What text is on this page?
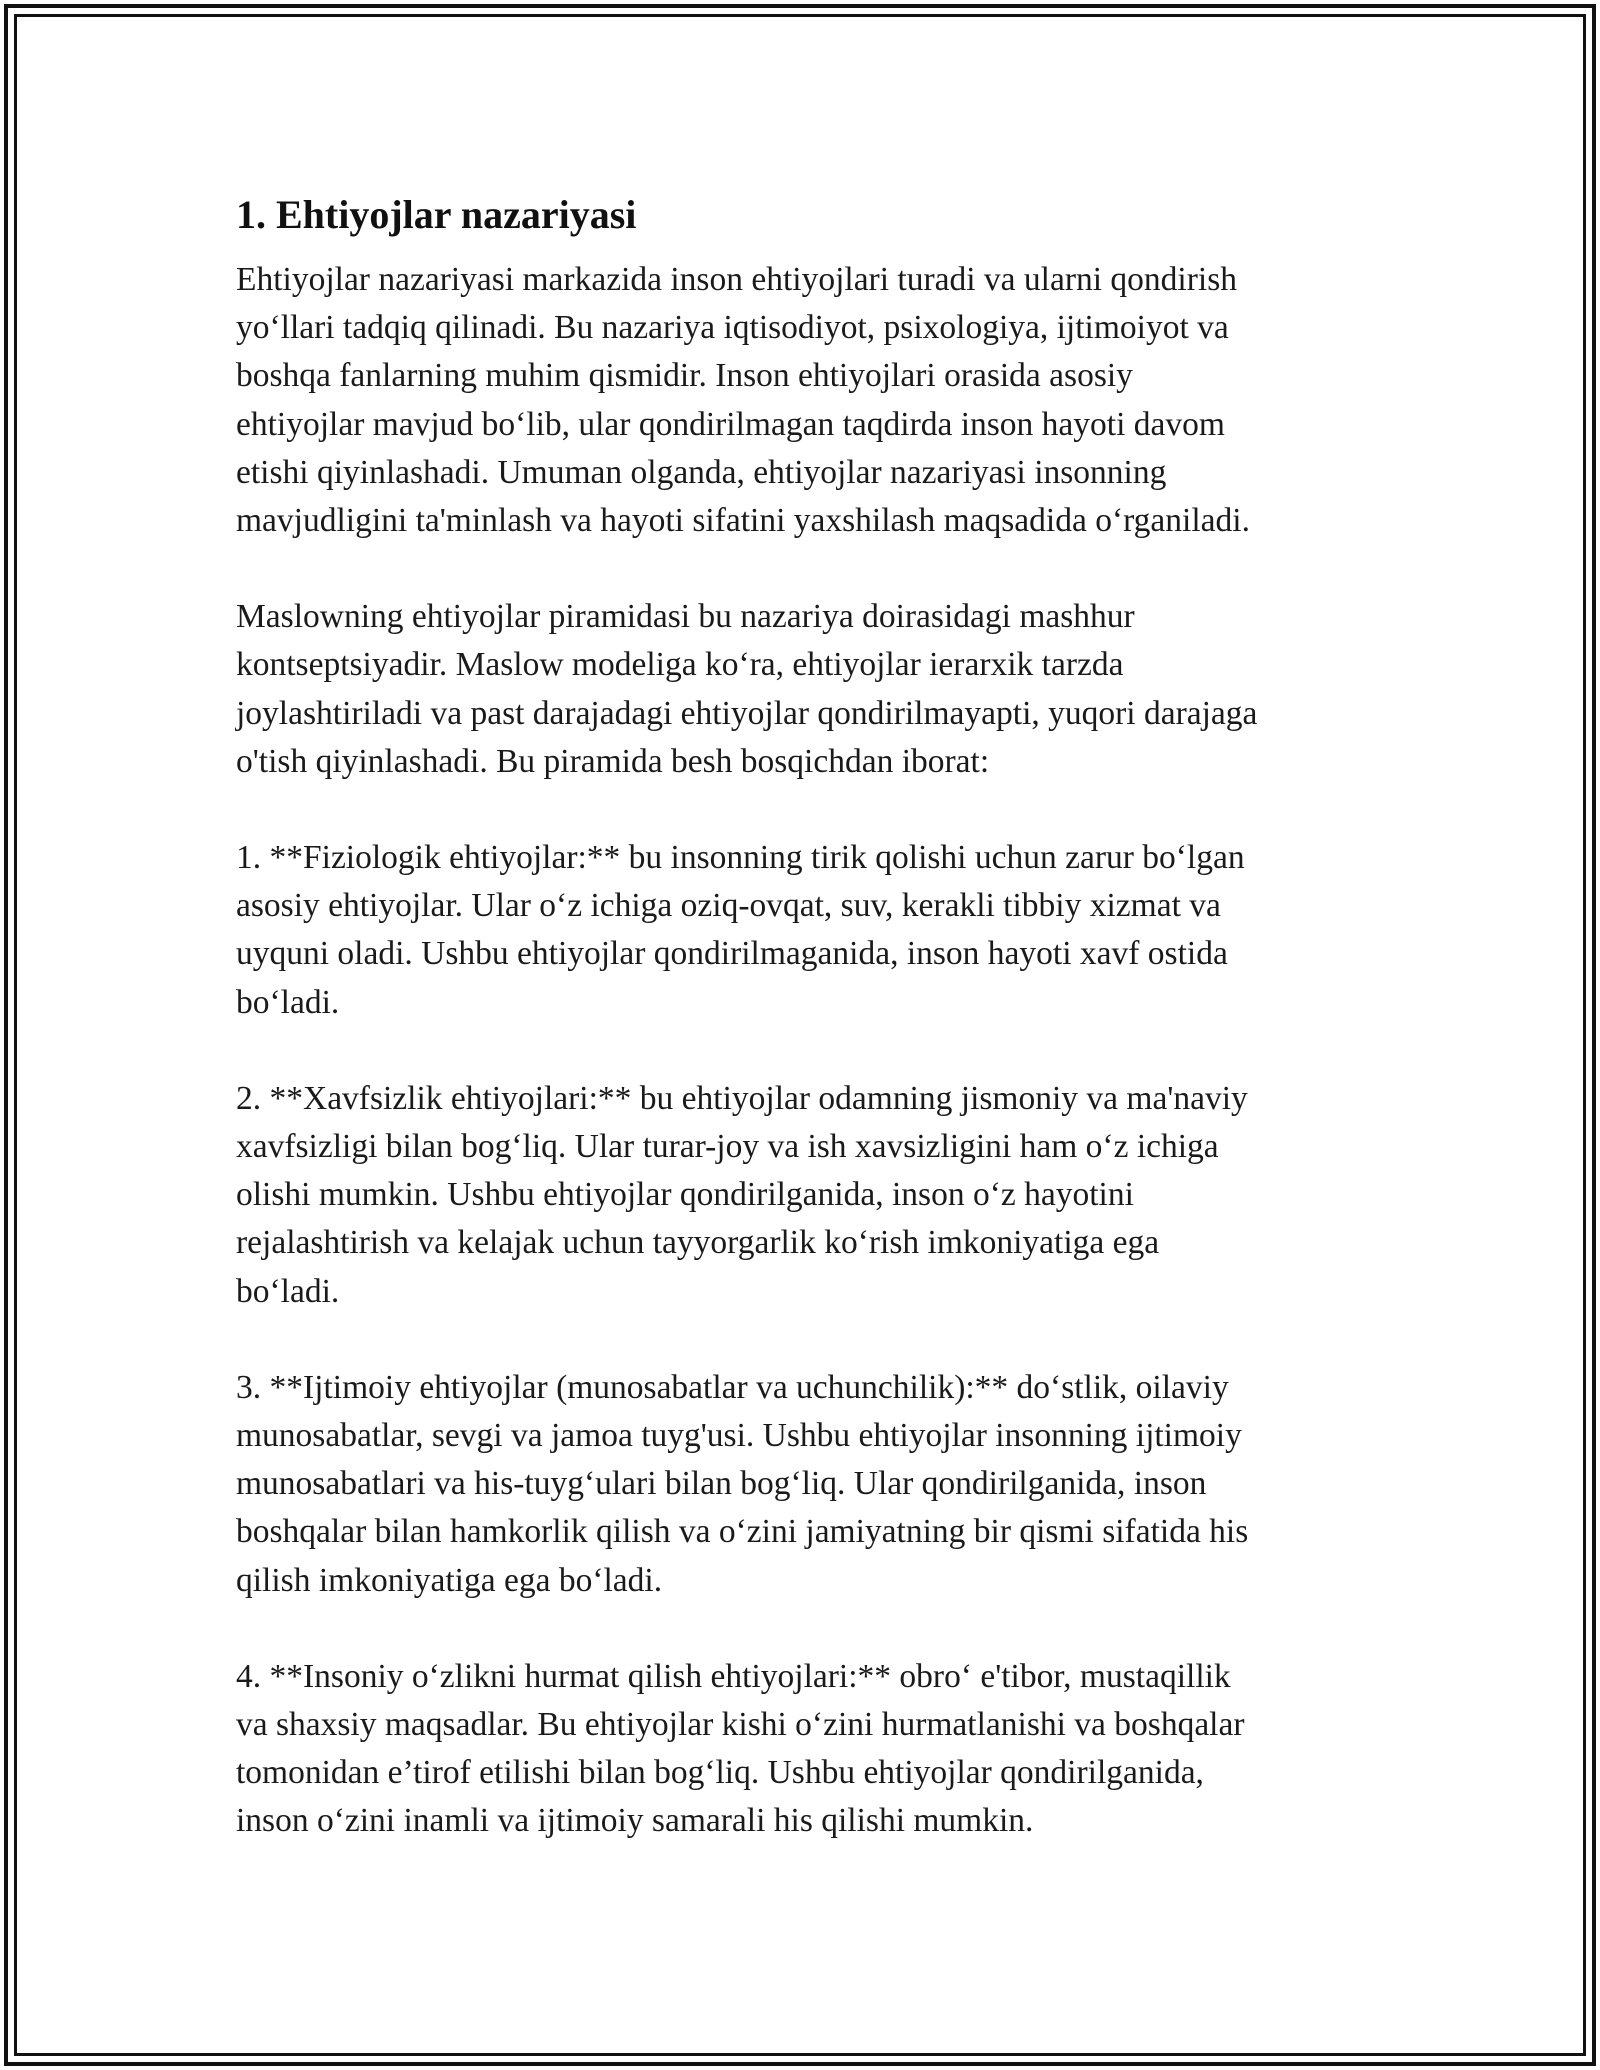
1. Ehtiyojlar nazariyasi

Ehtiyojlar nazariyasi markazida inson ehtiyojlari turadi va ularni qondirish
yo‘llari tadqiq qilinadi. Bu nazariya iqtisodiyot, psixologiya, ijtimoiyot va
boshqa fanlarning muhim qismidir. Inson ehtiyojlari orasida asosiy
ehtiyojlar mavjud bo‘lib, ular qondirilmagan taqdirda inson hayoti davom
etishi qiyinlashadi. Umuman olganda, ehtiyojlar nazariyasi insonning
mavjudligini ta'minlash va hayoti sifatini yaxshilash maqsadida o‘rganiladi.

Maslowning ehtiyojlar piramidasi bu nazariya doirasidagi mashhur
kontseptsiyadir. Maslow modeliga ko‘ra, ehtiyojlar ierarxik tarzda
joylashtiriladi va past darajadagi ehtiyojlar qondirilmayapti, yuqori darajaga
o'tish qiyinlashadi. Bu piramida besh bosqichdan iborat:

1. **Fiziologik ehtiyojlar:** bu insonning tirik qolishi uchun zarur bo‘lgan
asosiy ehtiyojlar. Ular o‘z ichiga oziq-ovqat, suv, kerakli tibbiy xizmat va
uyquni oladi. Ushbu ehtiyojlar qondirilmaganida, inson hayoti xavf ostida
bo‘ladi.

2. **Xavfsizlik ehtiyojlari:** bu ehtiyojlar odamning jismoniy va ma'naviy
xavfsizligi bilan bog‘liq. Ular turar-joy va ish xavsizligini ham o‘z ichiga
olishi mumkin. Ushbu ehtiyojlar qondirilganida, inson o‘z hayotini
rejalashtirish va kelajak uchun tayyorgarlik ko‘rish imkoniyatiga ega
bo‘ladi.

3. **Ijtimoiy ehtiyojlar (munosabatlar va uchunchilik):** do‘stlik, oilaviy
munosabatlar, sevgi va jamoa tuyg'usi. Ushbu ehtiyojlar insonning ijtimoiy
munosabatlari va his-tuyg‘ulari bilan bog‘liq. Ular qondirilganida, inson
boshqalar bilan hamkorlik qilish va o‘zini jamiyatning bir qismi sifatida his
qilish imkoniyatiga ega bo‘ladi.

4. **Insoniy o‘zlikni hurmat qilish ehtiyojlari:** obro‘ e'tibor, mustaqillik
va shaxsiy maqsadlar. Bu ehtiyojlar kishi o‘zini hurmatlanishi va boshqalar
tomonidan e’tirof etilishi bilan bog‘liq. Ushbu ehtiyojlar qondirilganida,
inson o‘zini inamli va ijtimoiy samarali his qilishi mumkin.
